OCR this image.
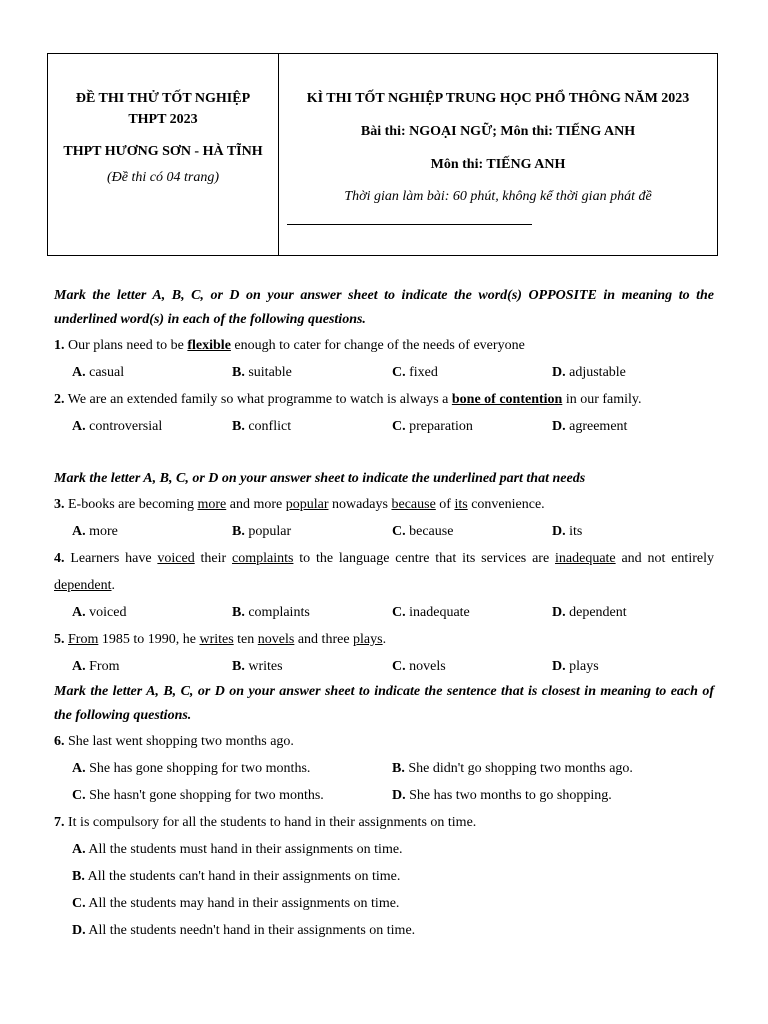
ĐỀ THI THỬ TỐT NGHIỆP
THPT 2023
THPT HƯƠNG SƠN - HÀ TĨNH
(Đề thi có 04 trang)
KÌ THI TỐT NGHIỆP TRUNG HỌC PHỔ THÔNG NĂM 2023
Bài thi: NGOẠI NGỮ; Môn thi: TIẾNG ANH
Môn thi: TIẾNG ANH
Thời gian làm bài: 60 phút, không kể thời gian phát đề
Mark the letter A, B, C, or D on your answer sheet to indicate the word(s) OPPOSITE in meaning to the underlined word(s) in each of the following questions.
1. Our plans need to be flexible enough to cater for change of the needs of everyone
A. casual	B. suitable	C. fixed	D. adjustable
2. We are an extended family so what programme to watch is always a bone of contention in our family.
A. controversial	B. conflict	C. preparation	D. agreement
Mark the letter A, B, C, or D on your answer sheet to indicate the underlined part that needs
3. E-books are becoming more and more popular nowadays because of its convenience.
A. more	B. popular	C. because	D. its
4. Learners have voiced their complaints to the language centre that its services are inadequate and not entirely dependent.
A. voiced	B. complaints	C. inadequate	D. dependent
5. From 1985 to 1990, he writes ten novels and three plays.
A. From	B. writes	C. novels	D. plays
Mark the letter A, B, C, or D on your answer sheet to indicate the sentence that is closest in meaning to each of the following questions.
6. She last went shopping two months ago.
A. She has gone shopping for two months.	B. She didn't go shopping two months ago.
C. She hasn't gone shopping for two months.	D. She has two months to go shopping.
7. It is compulsory for all the students to hand in their assignments on time.
A. All the students must hand in their assignments on time.
B. All the students can't hand in their assignments on time.
C. All the students may hand in their assignments on time.
D. All the students needn't hand in their assignments on time.
